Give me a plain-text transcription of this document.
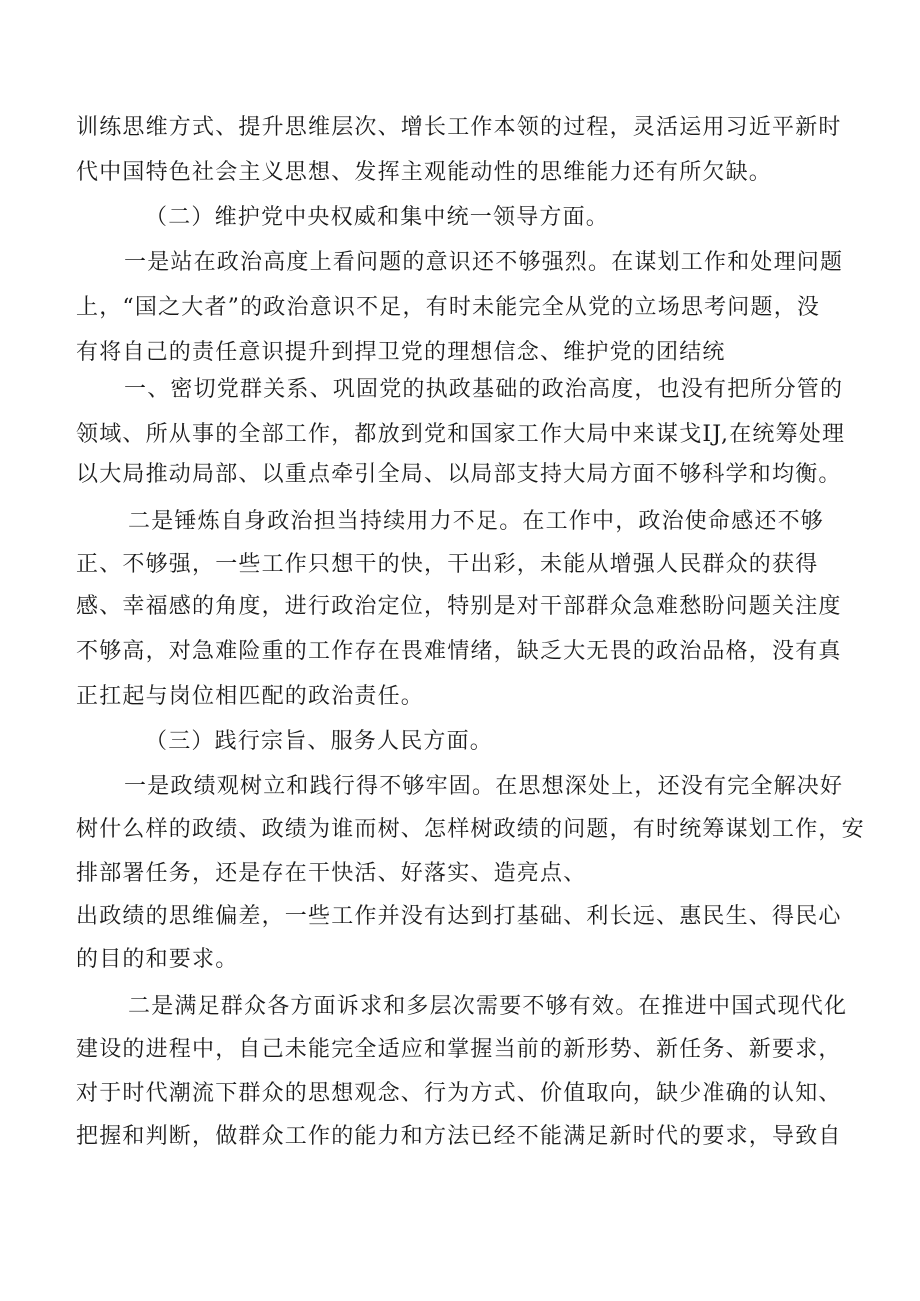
训练思维方式、提升思维层次、增长工作本领的过程，灵活运用习近平新时
代中国特色社会主义思想、发挥主观能动性的思维能力还有所欠缺。
（二）维护党中央权威和集中统一领导方面。
一是站在政治高度上看问题的意识还不够强烈。在谋划工作和处理问题
上，“国之大者”的政治意识不足，有时未能完全从党的立场思考问题，没
有将自己的责任意识提升到捍卫党的理想信念、维护党的团结统
一、密切党群关系、巩固党的执政基础的政治高度，也没有把所分管的
领域、所从事的全部工作，都放到党和国家工作大局中来谋戈IJ,在统筹处理
以大局推动局部、以重点牵引全局、以局部支持大局方面不够科学和均衡。
二是锤炼自身政治担当持续用力不足。在工作中，政治使命感还不够
正、不够强，一些工作只想干的快，干出彩，未能从增强人民群众的获得
感、幸福感的角度，进行政治定位，特别是对干部群众急难愁盼问题关注度
不够高，对急难险重的工作存在畏难情绪，缺乏大无畏的政治品格，没有真
正扛起与岗位相匹配的政治责任。
（三）践行宗旨、服务人民方面。
一是政绩观树立和践行得不够牢固。在思想深处上，还没有完全解决好
树什么样的政绩、政绩为谁而树、怎样树政绩的问题，有时统筹谋划工作，安
排部署任务，还是存在干快活、好落实、造亮点、
出政绩的思维偏差，一些工作并没有达到打基础、利长远、惠民生、得民心
的目的和要求。
二是满足群众各方面诉求和多层次需要不够有效。在推进中国式现代化
建设的进程中，自己未能完全适应和掌握当前的新形势、新任务、新要求，
对于时代潮流下群众的思想观念、行为方式、价值取向，缺少准确的认知、
把握和判断，做群众工作的能力和方法已经不能满足新时代的要求，导致自
